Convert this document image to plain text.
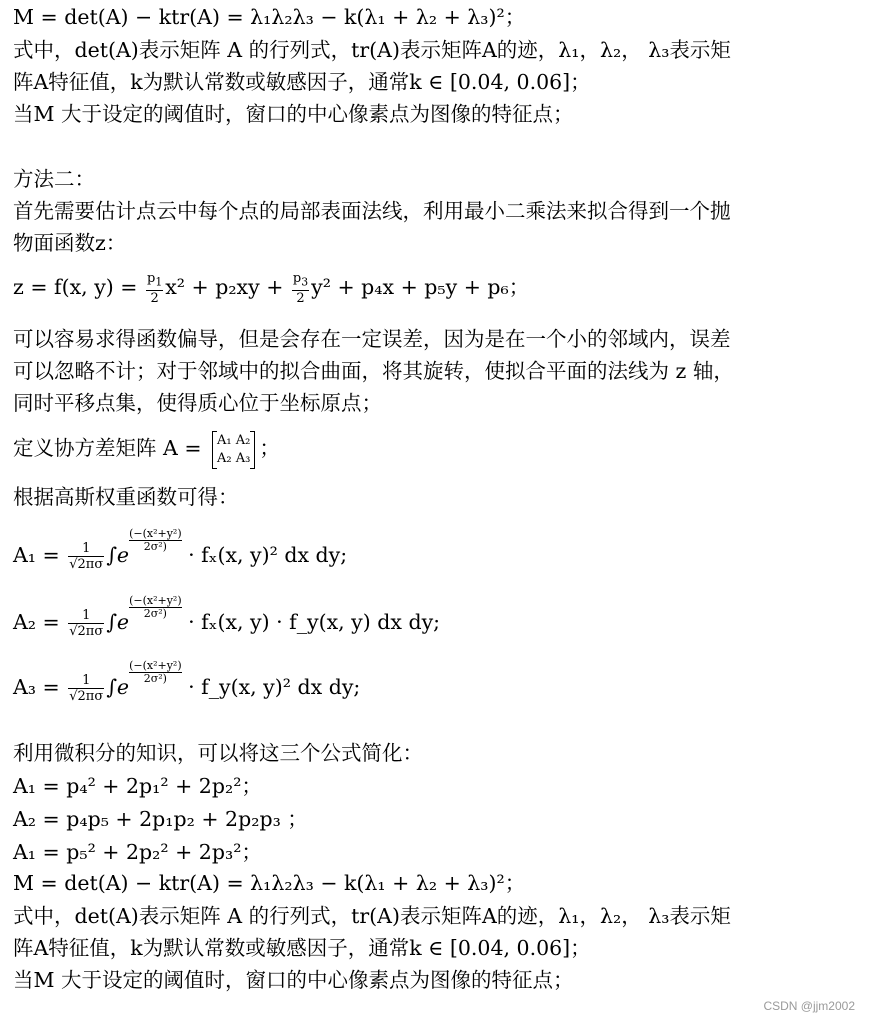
M = det(A) − ktr(A) = λ₁λ₂λ₃ − k(λ₁ + λ₂ + λ₃)²；
式中，det(A)表示矩阵 A 的行列式，tr(A)表示矩阵A的迹，λ₁，λ₂， λ₃表示矩
阵A特征值，k为默认常数或敏感因子，通常k ∈ [0.04, 0.06]；
当M 大于设定的阈值时，窗口的中心像素点为图像的特征点；
方法二：
首先需要估计点云中每个点的局部表面法线，利用最小二乘法来拟合得到一个抛
物面函数z：
z = f(x, $y) = \frac{p_1}{2} x^2 + p_2xy + \frac{p_3}{2} y^2 + p_4x + p_5y + p_6$；
可以容易求得函数偏导，但是会存在一定误差，因为是在一个小的邻域内，误差
可以忽略不计；对于邻域中的拟合曲面，将其旋转，使拟合平面的法线为 z 轴，
同时平移点集，使得质心位于坐标原点；
定义协方差矩阵 A = A₁ A₂
A₂ A₃ ；
根据高斯权重函数可得：
$A_1 = \frac{1}{√2\pi\sigma} \int e$
$\frac{\text{(−(x²+y²)}}{\text{2σ²)}}$
· fₓ(x, y)² dx dy;
$A_2 = \frac{1}{√2\pi\sigma} \int e$
$\frac{\text{(−(x²+y²)}}{\text{2σ²)}}$
· fₓ(x, y) · f_y(x, y) dx dy;
$A_3 = \frac{1}{√2\pi\sigma} \int e$
$\frac{\text{(−(x²+y²)}}{\text{2σ²)}}$
· f_y(x, y)² dx dy;
利用微积分的知识，可以将这三个公式简化：
A₁ = p₄² + 2p₁² + 2p₂²；
A₂ = p₄p₅ + 2p₁p₂ + 2p₂p₃ ；
A₁ = p₅² + 2p₂² + 2p₃²；
M = det(A) − ktr(A) = λ₁λ₂λ₃ − k(λ₁ + λ₂ + λ₃)²；
式中，det(A)表示矩阵 A 的行列式，tr(A)表示矩阵A的迹，λ₁，λ₂， λ₃表示矩
阵A特征值，k为默认常数或敏感因子，通常k ∈ [0.04, 0.06]；
当M 大于设定的阈值时，窗口的中心像素点为图像的特征点；
CSDN @jjm2002
